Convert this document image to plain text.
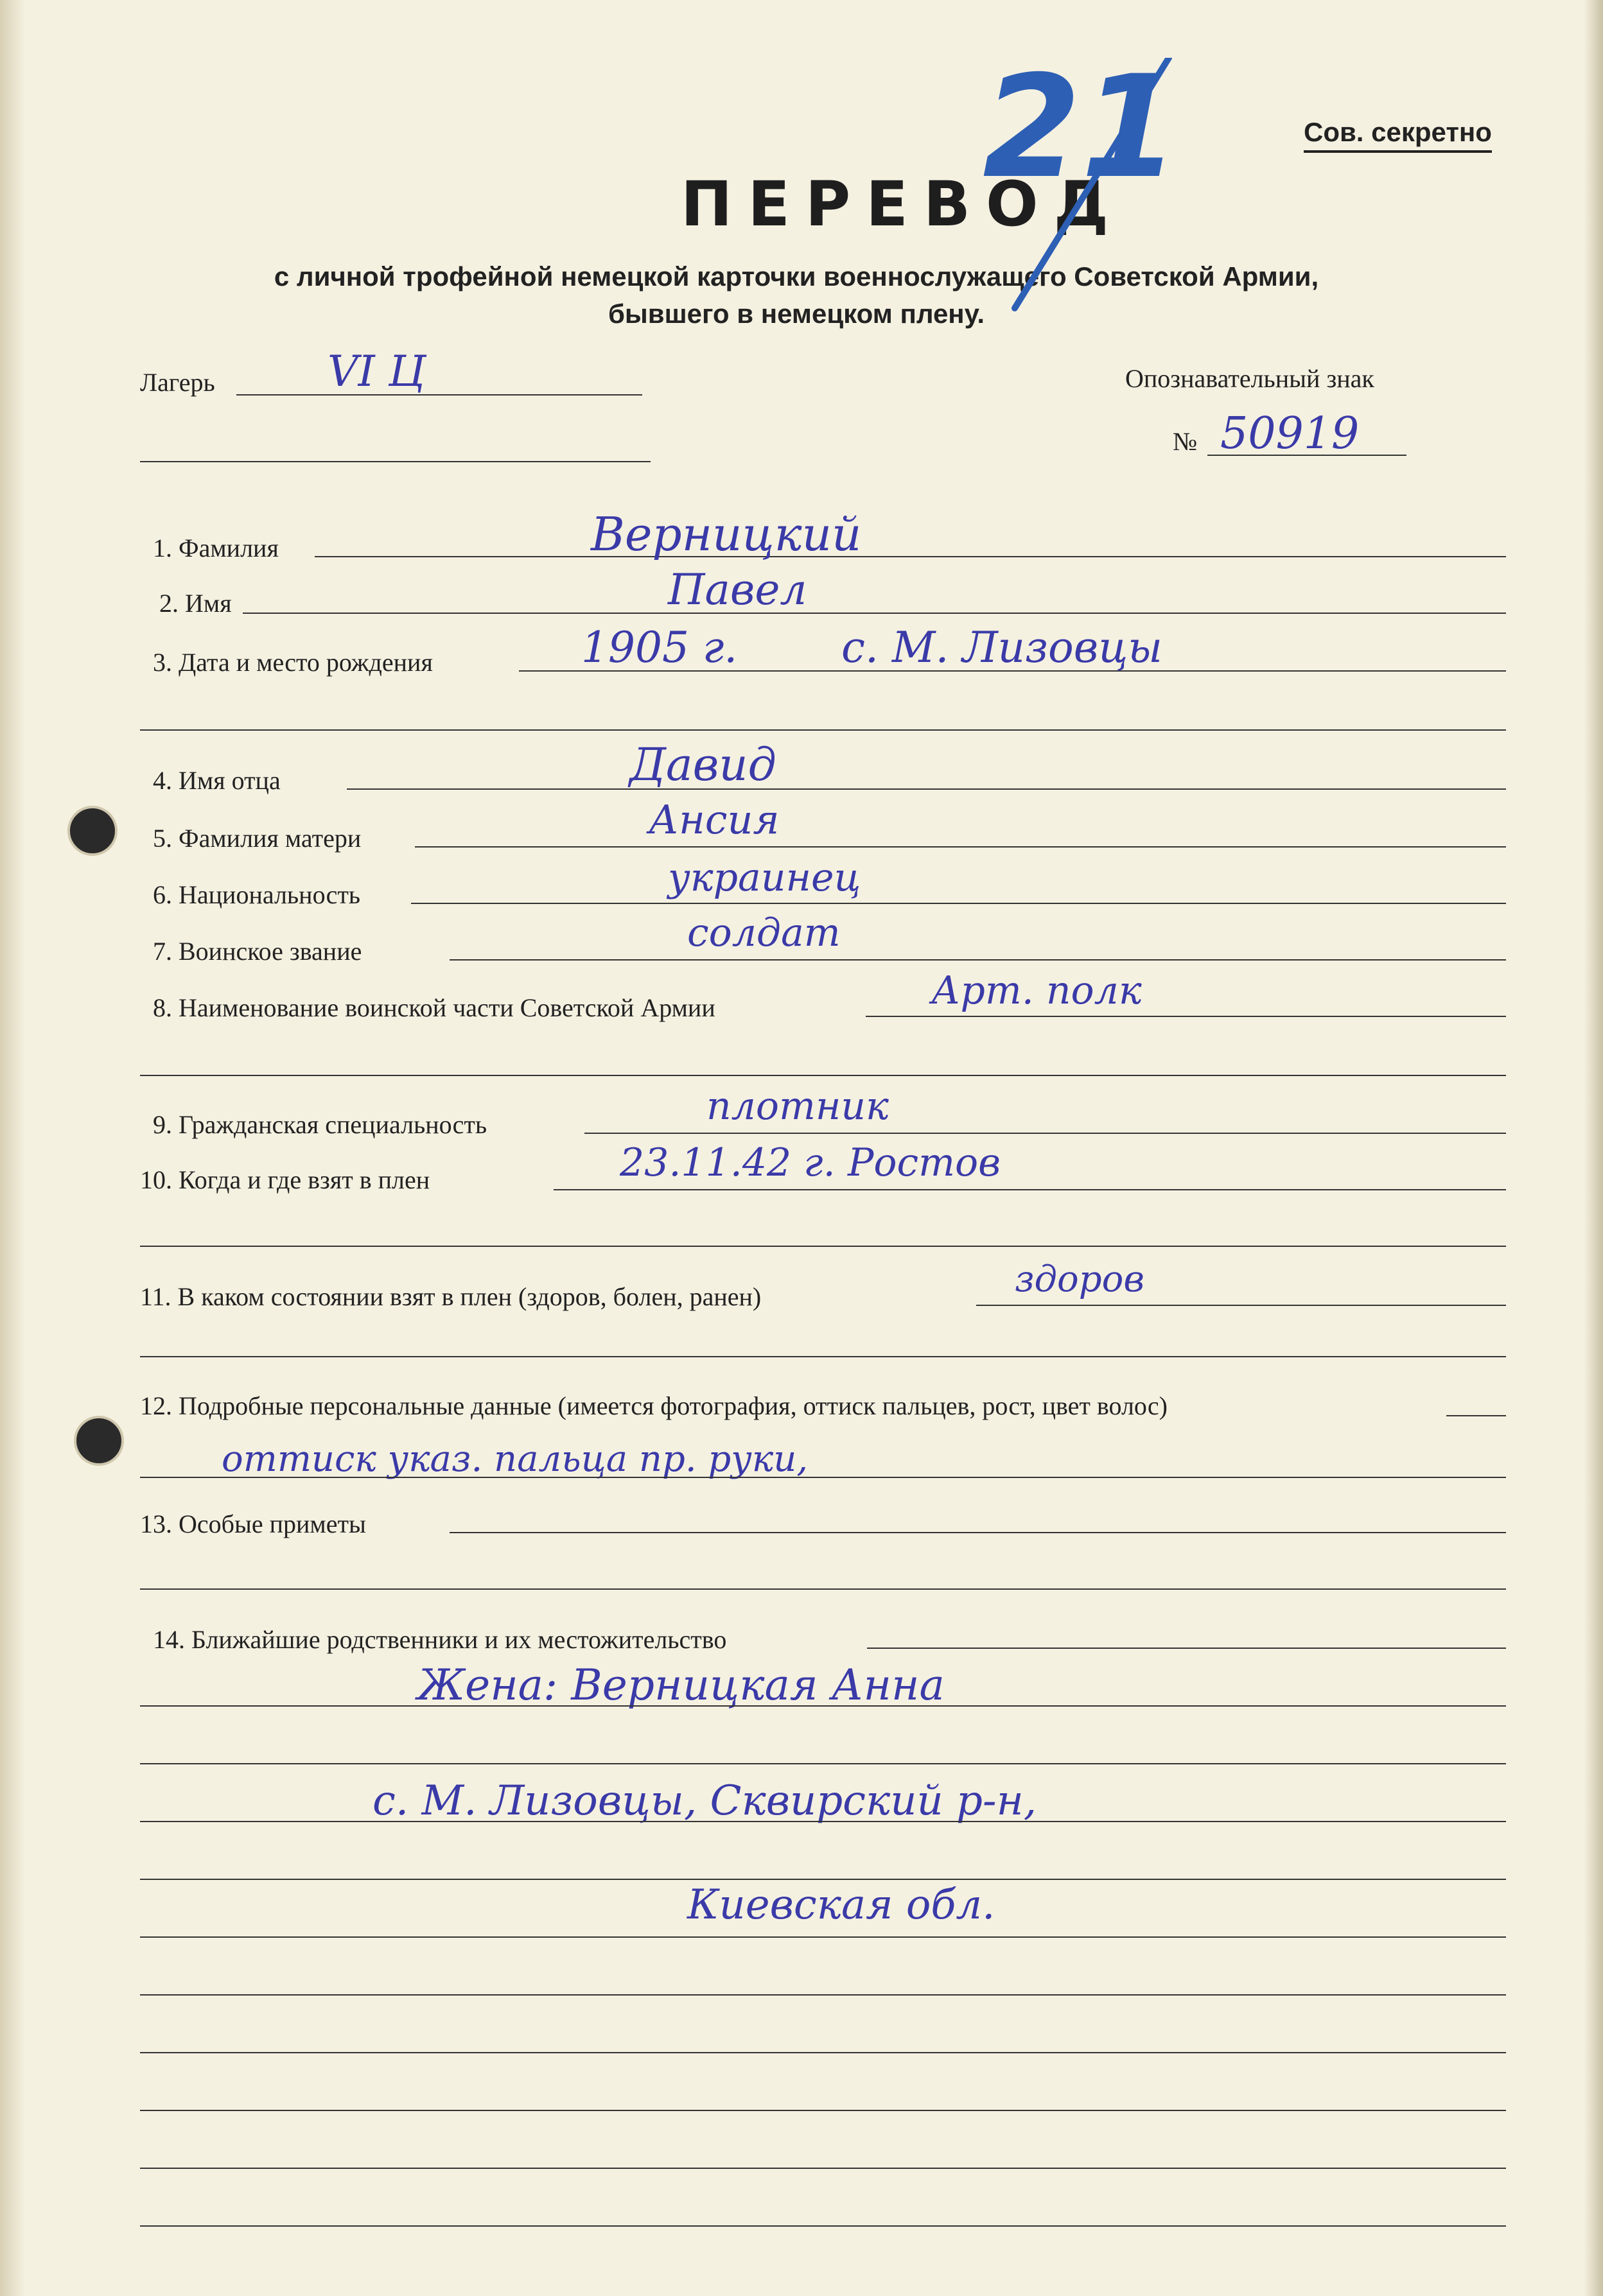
Сов. секретно
ПЕРЕВОД
с личной трофейной немецкой карточки военнослужащего Советской Армии,
бывшего в немецком плену.
21
Лагерь	VI Ц	Опознавательный знак
№ 50919
1. Фамилия	Верницкий
2. Имя	Павел
3. Дата и место рождения	1905 г. с. М. Лизовцы
4. Имя отца	Давид
5. Фамилия матери	Ансия
6. Национальность	украинец
7. Воинское звание	солдат
8. Наименование воинской части Советской Армии	Арт. полк
9. Гражданская специальность	плотник
10. Когда и где взят в плен	23.11.42 г. Ростов
11. В каком состоянии взят в плен (здоров, болен, ранен)	здоров
12. Подробные персональные данные (имеется фотография, оттиск пальцев, рост, цвет волос)
оттиск указ. пальца пр. руки,
13. Особые приметы
14. Ближайшие родственники и их местожительство
Жена: Верницкая Анна
с. М. Лизовцы, Сквирский р-н,
Киевская обл.
